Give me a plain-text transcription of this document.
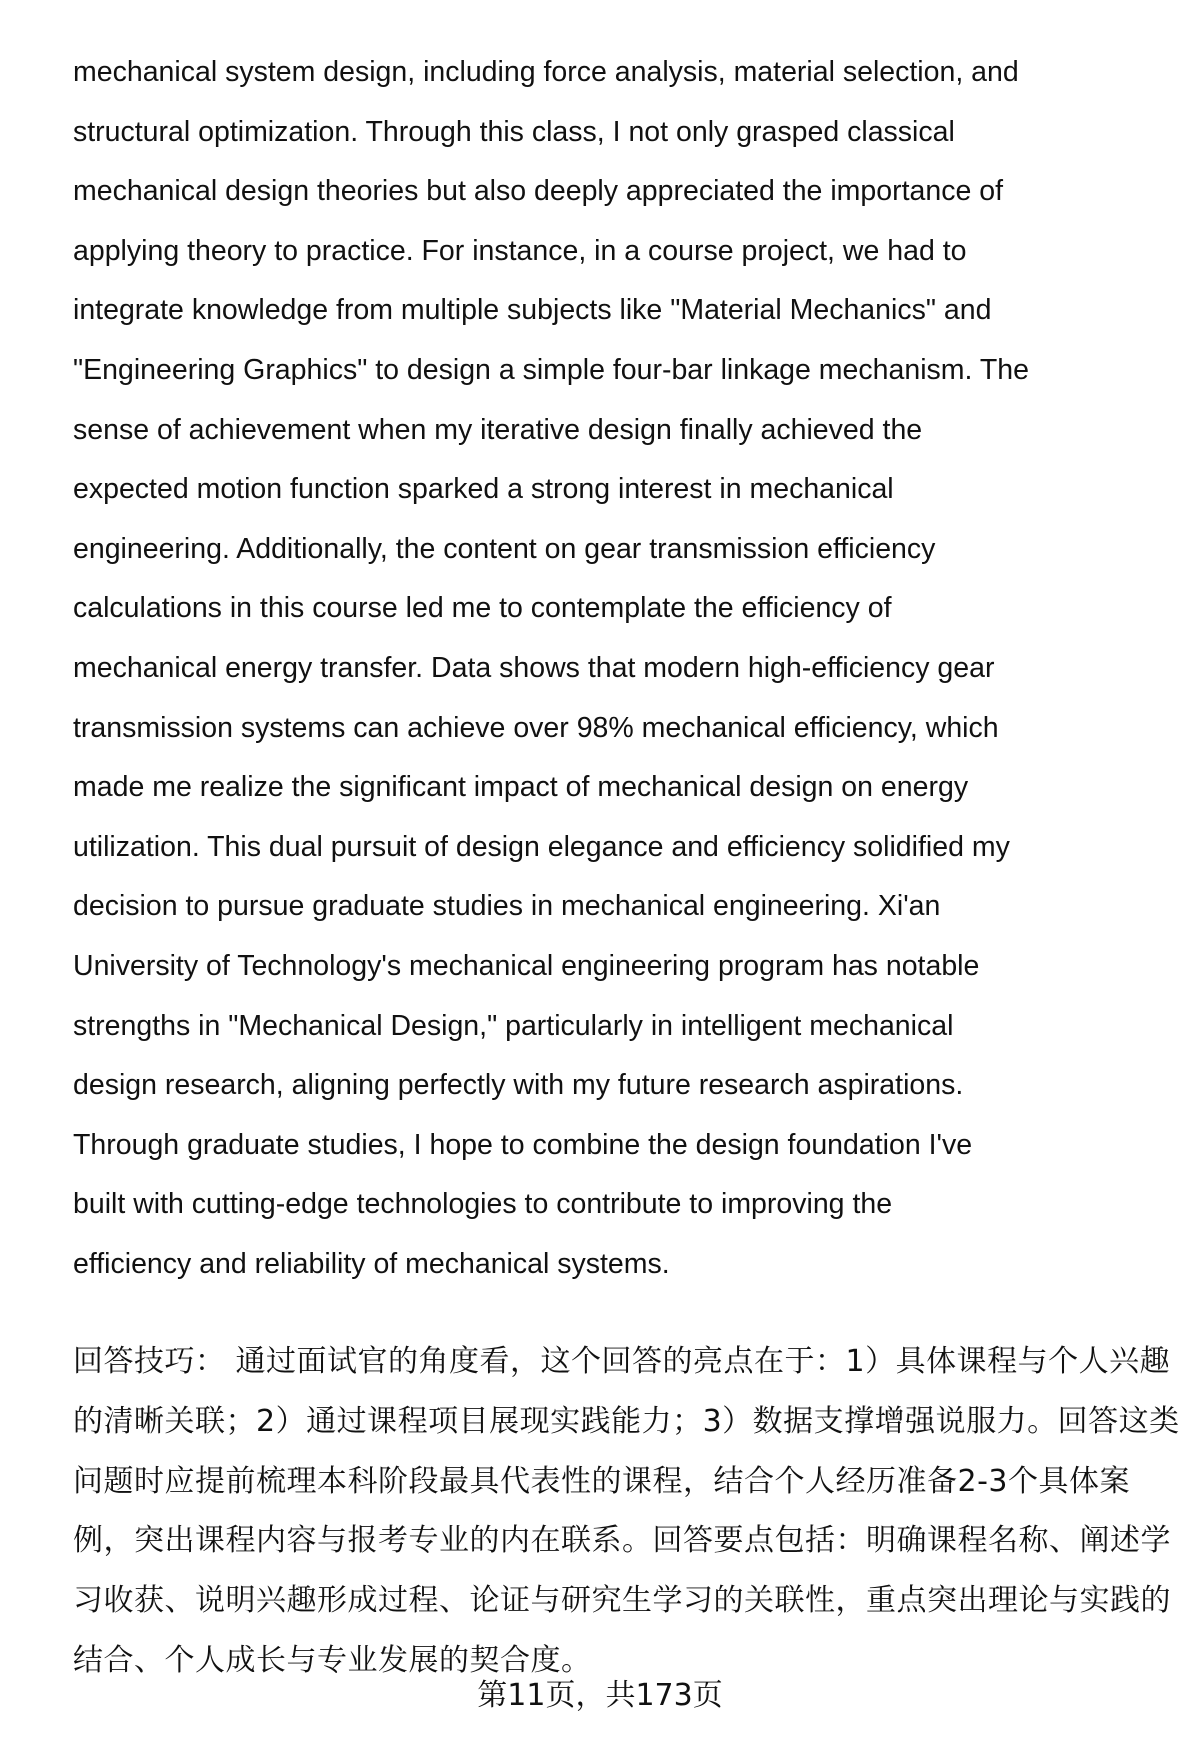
mechanical system design, including force analysis, material selection, and
structural optimization. Through this class, I not only grasped classical
mechanical design theories but also deeply appreciated the importance of
applying theory to practice. For instance, in a course project, we had to
integrate knowledge from multiple subjects like "Material Mechanics" and
"Engineering Graphics" to design a simple four-bar linkage mechanism. The
sense of achievement when my iterative design finally achieved the
expected motion function sparked a strong interest in mechanical
engineering. Additionally, the content on gear transmission efficiency
calculations in this course led me to contemplate the efficiency of
mechanical energy transfer. Data shows that modern high-efficiency gear
transmission systems can achieve over 98% mechanical efficiency, which
made me realize the significant impact of mechanical design on energy
utilization. This dual pursuit of design elegance and efficiency solidified my
decision to pursue graduate studies in mechanical engineering. Xi'an
University of Technology's mechanical engineering program has notable
strengths in "Mechanical Design," particularly in intelligent mechanical
design research, aligning perfectly with my future research aspirations.
Through graduate studies, I hope to combine the design foundation I've
built with cutting-edge technologies to contribute to improving the
efficiency and reliability of mechanical systems.
回答技巧： 通过面试官的角度看，这个回答的亮点在于：1）具体课程与个人兴趣
的清晰关联；2）通过课程项目展现实践能力；3）数据支撑增强说服力。回答这类
问题时应提前梳理本科阶段最具代表性的课程，结合个人经历准备2-3个具体案
例，突出课程内容与报考专业的内在联系。回答要点包括：明确课程名称、阐述学
习收获、说明兴趣形成过程、论证与研究生学习的关联性，重点突出理论与实践的
结合、个人成长与专业发展的契合度。
第11页，共173页
